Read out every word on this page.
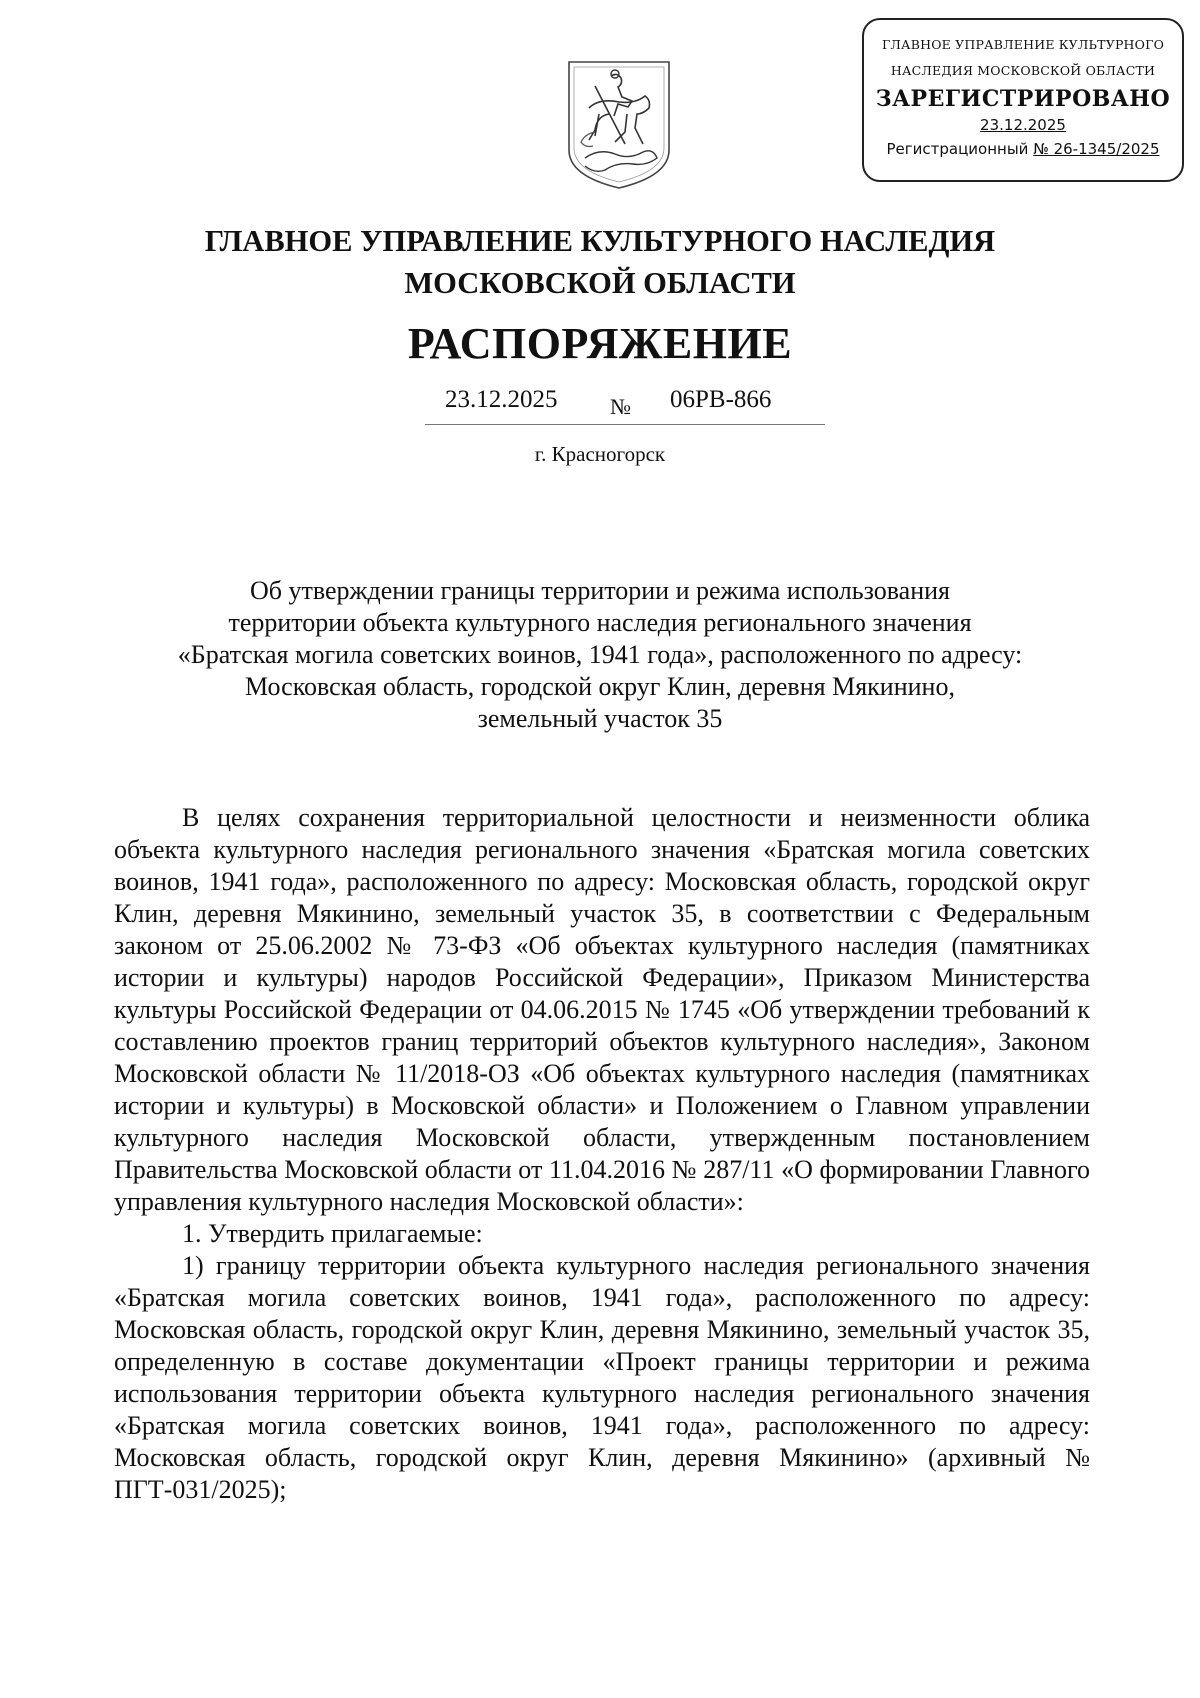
ГЛАВНОЕ УПРАВЛЕНИЕ КУЛЬТУРНОГО
НАСЛЕДИЯ МОСКОВСКОЙ ОБЛАСТИ
ЗАРЕГИСТРИРОВАНО
23.12.2025
Регистрационный № 26-1345/2025
ГЛАВНОЕ УПРАВЛЕНИЕ КУЛЬТУРНОГО НАСЛЕДИЯ
МОСКОВСКОЙ ОБЛАСТИ
РАСПОРЯЖЕНИЕ
23.12.2025 № 06РВ-866
г. Красногорск
Об утверждении границы территории и режима использования
территории объекта культурного наследия регионального значения
«Братская могила советских воинов, 1941 года», расположенного по адресу:
Московская область, городской округ Клин, деревня Мякинино,
земельный участок 35

В целях сохранения территориальной целостности и неизменности облика объекта культурного наследия регионального значения «Братская могила советских воинов, 1941 года», расположенного по адресу: Московская область, городской округ Клин, деревня Мякинино, земельный участок 35, в соответствии с Федеральным законом от 25.06.2002 № 73-ФЗ «Об объектах культурного наследия (памятниках истории и культуры) народов Российской Федерации», Приказом Министерства культуры Российской Федерации от 04.06.2015 № 1745 «Об утверждении требований к составлению проектов границ территорий объектов культурного наследия», Законом Московской области № 11/2018-ОЗ «Об объектах культурного наследия (памятниках истории и культуры) в Московской области» и Положением о Главном управлении культурного наследия Московской области, утвержденным постановлением Правительства Московской области от 11.04.2016 № 287/11 «О формировании Главного управления культурного наследия Московской области»:

1. Утвердить прилагаемые:

1) границу территории объекта культурного наследия регионального значения «Братская могила советских воинов, 1941 года», расположенного по адресу: Московская область, городской округ Клин, деревня Мякинино, земельный участок 35, определенную в составе документации «Проект границы территории и режима использования территории объекта культурного наследия регионального значения «Братская могила советских воинов, 1941 года», расположенного по адресу: Московская область, городской округ Клин, деревня Мякинино» (архивный № ПГТ-031/2025);
